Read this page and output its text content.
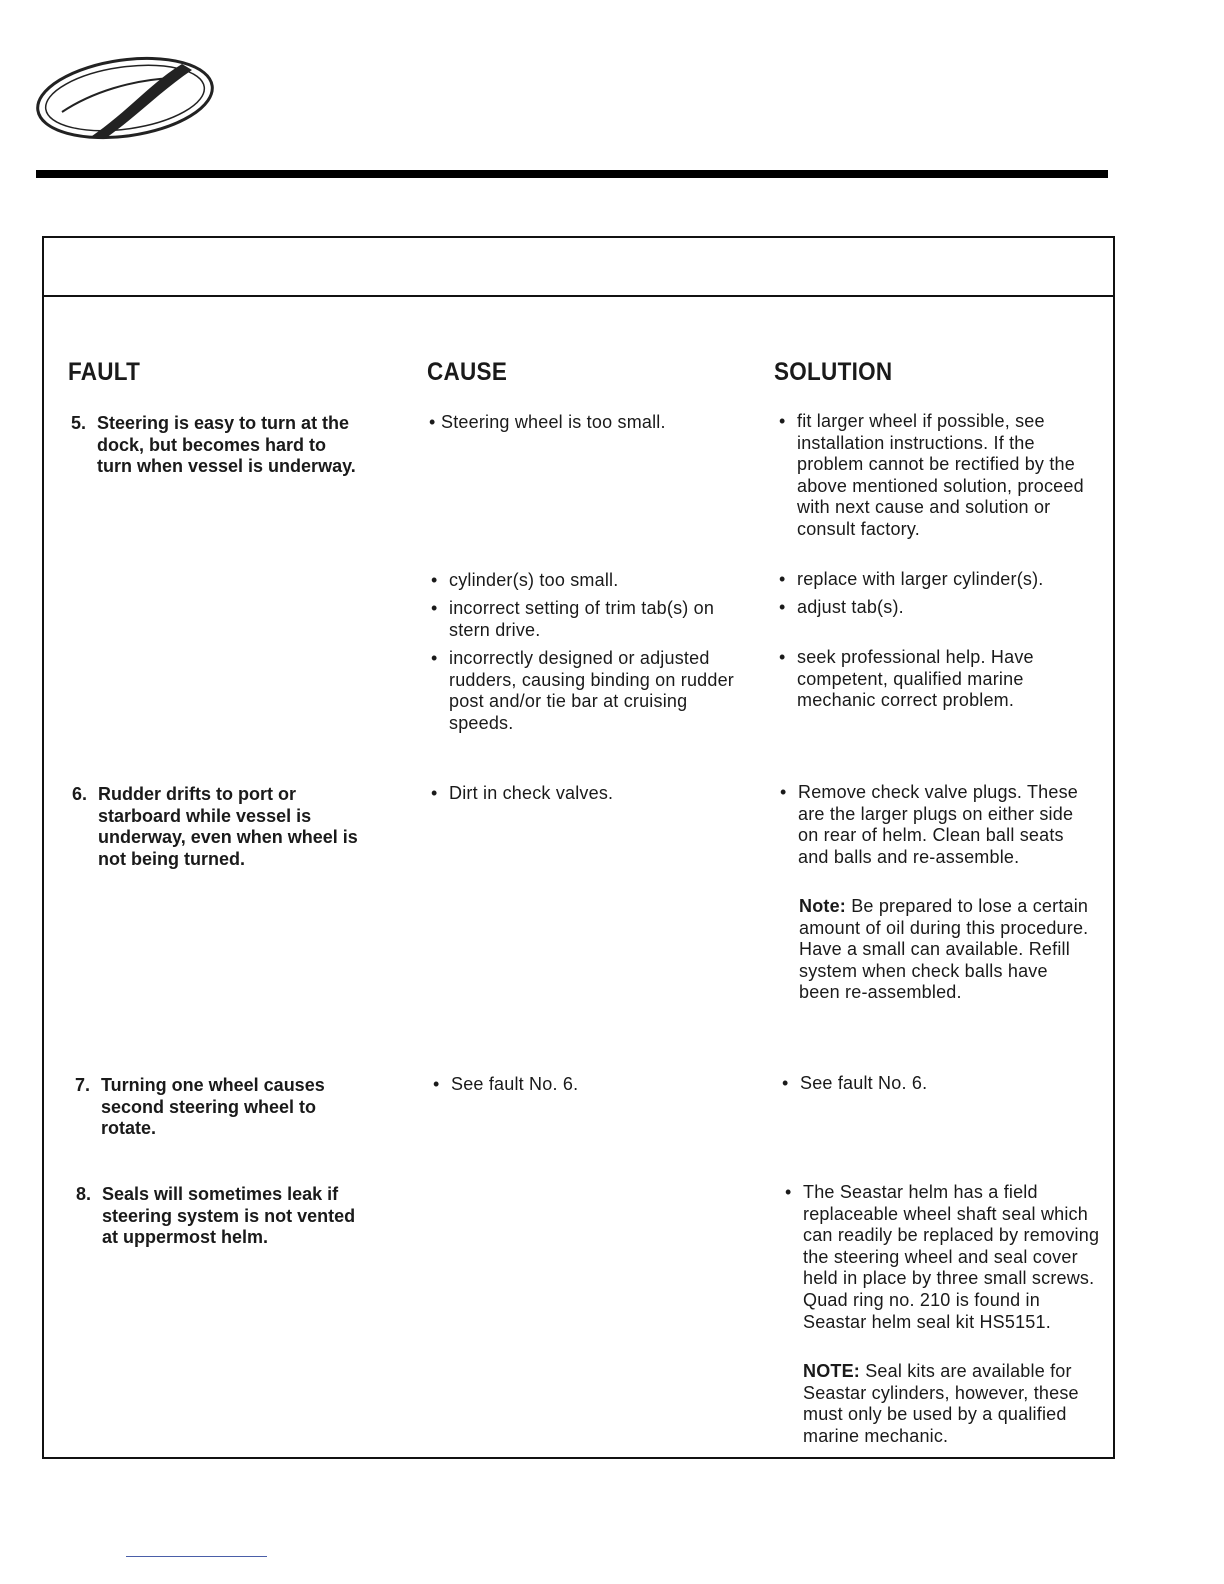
FAULT	CAUSE	SOLUTION
5. Steering is easy to turn at the dock, but becomes hard to turn when vessel is underway.
6. Rudder drifts to port or starboard while vessel is underway, even when wheel is not being turned.
7. Turning one wheel causes second steering wheel to rotate.
8. Seals will sometimes leak if steering system is not vented at uppermost helm.
• Steering wheel is too small.
• cylinder(s) too small.
• incorrect setting of trim tab(s) on stern drive.
• incorrectly designed or adjusted rudders, causing binding on rudder post and/or tie bar at cruising speeds.
• Dirt in check valves.
• See fault No. 6.
• fit larger wheel if possible, see installation instructions. If the problem cannot be rectified by the above mentioned solution, proceed with next cause and solution or consult factory.
• replace with larger cylinder(s).
• adjust tab(s).
• seek professional help. Have competent, qualified marine mechanic correct problem.
• Remove check valve plugs. These are the larger plugs on either side on rear of helm. Clean ball seats and balls and re-assemble.
Note: Be prepared to lose a certain amount of oil during this procedure. Have a small can available. Refill system when check balls have been re-assembled.
• See fault No. 6.
• The Seastar helm has a field replaceable wheel shaft seal which can readily be replaced by removing the steering wheel and seal cover held in place by three small screws. Quad ring no. 210 is found in Seastar helm seal kit HS5151.
NOTE: Seal kits are available for Seastar cylinders, however, these must only be used by a qualified marine mechanic.
